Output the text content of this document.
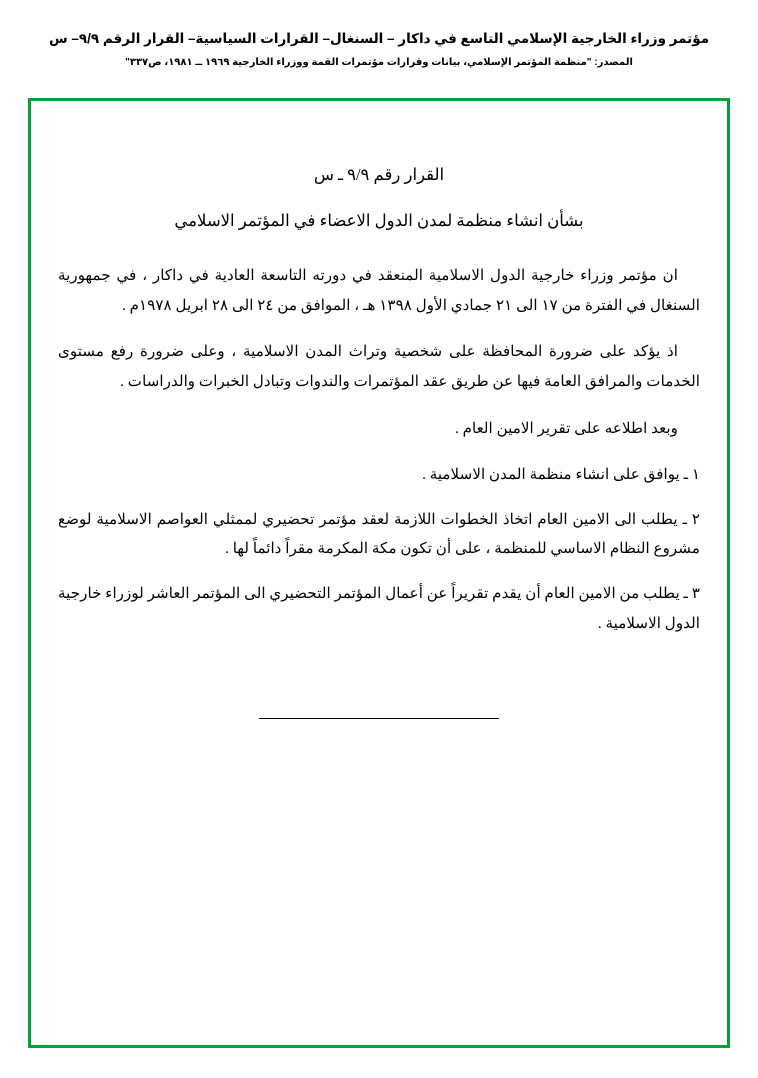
مؤتمر وزراء الخارجية الإسلامي التاسع في داكار – السنغال– القرارات السياسية– القرار الرقم ٩/٩– س
المصدر: "منظمة المؤتمر الإسلامي، بيانات وقرارات مؤتمرات القمة ووزراء الخارجية ١٩٦٩ ــ ١٩٨١، ص٣٣٧"
القرار رقم ٩/٩ ـ س
بشأن انشاء منظمة لمدن الدول الاعضاء في المؤتمر الاسلامي

ان مؤتمر وزراء خارجية الدول الاسلامية المنعقد في دورته التاسعة العادية في داكار ، في جمهورية السنغال في الفترة من ١٧ الى ٢١ جمادي الأول ١٣٩٨ هـ ، الموافق من ٢٤ الى ٢٨ ابريل ١٩٧٨م .

اذ يؤكد على ضرورة المحافظة على شخصية وتراث المدن الاسلامية ، وعلى ضرورة رفع مستوى الخدمات والمرافق العامة فيها عن طريق عقد المؤتمرات والندوات وتبادل الخبرات والدراسات .

وبعد اطلاعه على تقرير الامين العام .

١ ـ يوافق على انشاء منظمة المدن الاسلامية .

٢ ـ يطلب الى الامين العام اتخاذ الخطوات اللازمة لعقد مؤتمر تحضيري لممثلي العواصم الاسلامية لوضع مشروع النظام الاساسي للمنظمة ، على أن تكون مكة المكرمة مقراً دائماً لها .

٣ ـ يطلب من الامين العام أن يقدم تقريراً عن أعمال المؤتمر التحضيري الى المؤتمر العاشر لوزراء خارجية الدول الاسلامية .
